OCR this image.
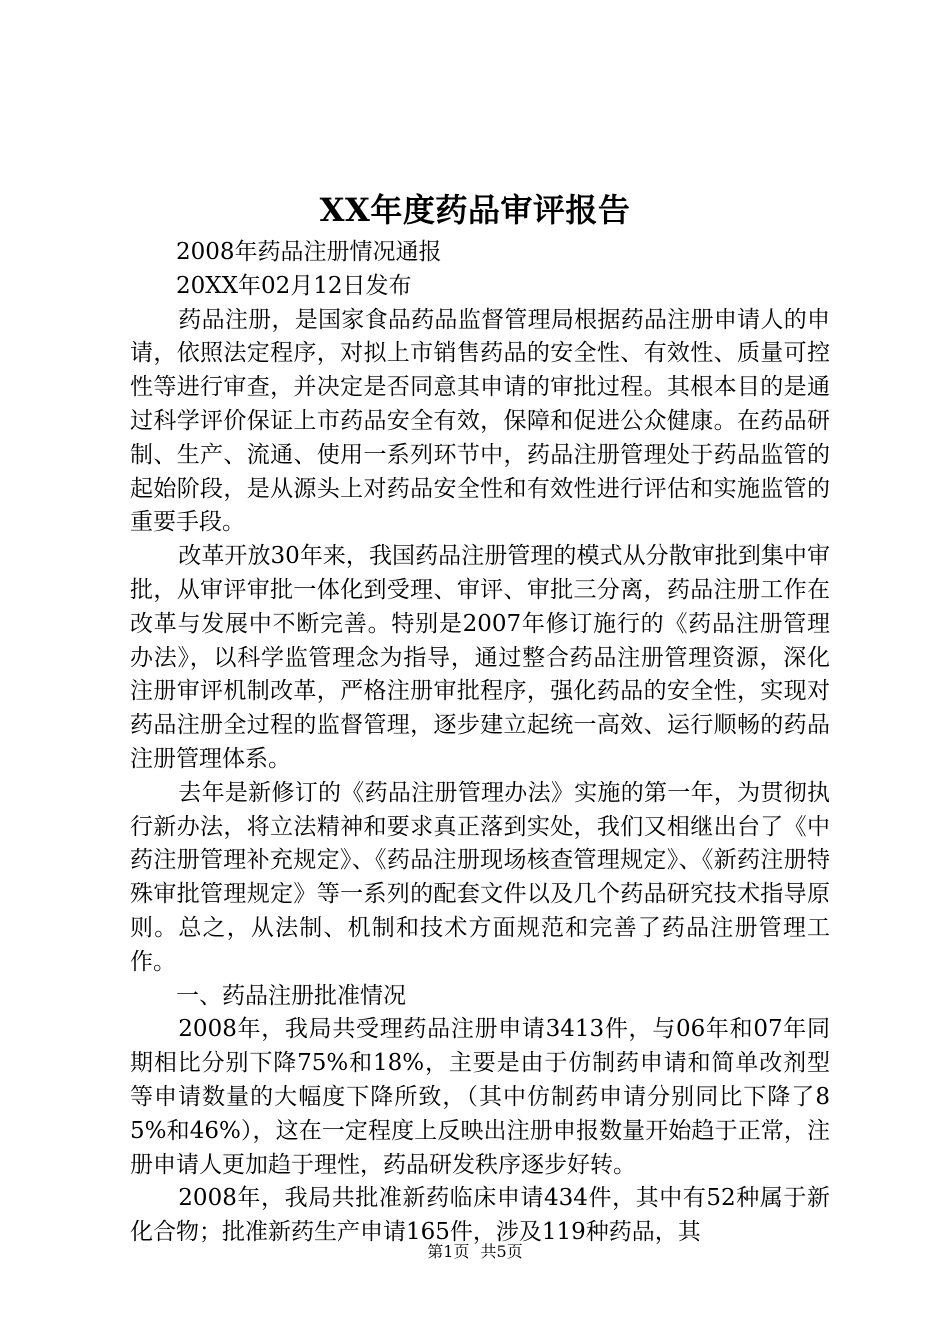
XX年度药品审评报告

2008年药品注册情况通报

20XX年02月12日发布

药品注册，是国家食品药品监督管理局根据药品注册申请人的申请，依照法定程序，对拟上市销售药品的安全性、有效性、质量可控性等进行审查，并决定是否同意其申请的审批过程。其根本目的是通过科学评价保证上市药品安全有效，保障和促进公众健康。在药品研制、生产、流通、使用一系列环节中，药品注册管理处于药品监管的起始阶段，是从源头上对药品安全性和有效性进行评估和实施监管的重要手段。

改革开放30年来，我国药品注册管理的模式从分散审批到集中审批，从审评审批一体化到受理、审评、审批三分离，药品注册工作在改革与发展中不断完善。特别是2007年修订施行的《药品注册管理办法》，以科学监管理念为指导，通过整合药品注册管理资源，深化注册审评机制改革，严格注册审批程序，强化药品的安全性，实现对药品注册全过程的监督管理，逐步建立起统一高效、运行顺畅的药品注册管理体系。

去年是新修订的《药品注册管理办法》实施的第一年，为贯彻执行新办法，将立法精神和要求真正落到实处，我们又相继出台了《中药注册管理补充规定》、《药品注册现场核查管理规定》、《新药注册特殊审批管理规定》等一系列的配套文件以及几个药品研究技术指导原则。总之，从法制、机制和技术方面规范和完善了药品注册管理工作。

一、药品注册批准情况

2008年，我局共受理药品注册申请3413件，与06年和07年同期相比分别下降75%和18%，主要是由于仿制药申请和简单改剂型等申请数量的大幅度下降所致，（其中仿制药申请分别同比下降了85%和46%），这在一定程度上反映出注册申报数量开始趋于正常，注册申请人更加趋于理性，药品研发秩序逐步好转。

2008年，我局共批准新药临床申请434件，其中有52种属于新化合物；批准新药生产申请165件，涉及119种药品，其

第1页 共5页
